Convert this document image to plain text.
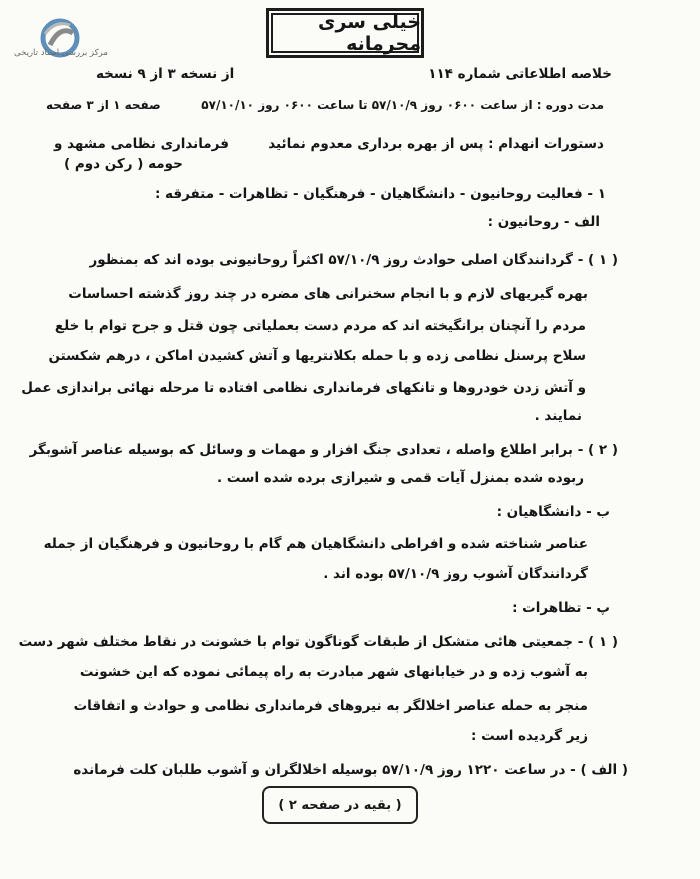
مرکز بررسی اسناد تاریخی
خیلی سری محرمانه
خلاصه اطلاعاتی شماره ۱۱۴
از نسخه ۳ از ۹ نسخه
مدت دوره : از ساعت ۰۶۰۰ روز ۵۷/۱۰/۹ تا ساعت ۰۶۰۰ روز ۵۷/۱۰/۱۰
صفحه ۱ از ۳ صفحه
دستورات انهدام : پس از بهره برداری معدوم نمائید
فرمانداری نظامی مشهد و
حومه ( رکن دوم )
۱ - فعالیت روحانیون - دانشگاهیان - فرهنگیان - تظاهرات - متفرقه :
الف - روحانیون :
( ۱ ) - گردانندگان اصلی حوادث روز ۵۷/۱۰/۹ اکثراً روحانیونی بوده اند که بمنظور
بهره گیریهای لازم و با انجام سخنرانی های مضره در چند روز گذشته احساسات
مردم را آنچنان برانگیخته اند که مردم دست بعملیاتی چون قتل و جرح توام با خلع
سلاح پرسنل نظامی زده و با حمله بکلانتریها و آتش کشیدن اماکن ، درهم شکستن
و آتش زدن خودروها و تانکهای فرمانداری نظامی افتاده تا مرحله نهائی براندازی عمل
نمایند .
( ۲ ) - برابر اطلاع واصله ، تعدادی جنگ افزار و مهمات و وسائل که بوسیله عناصر آشوبگر
ربوده شده بمنزل آیات قمی و شیرازی برده شده است .
ب - دانشگاهیان :
عناصر شناخته شده و افراطی دانشگاهیان هم گام با روحانیون و فرهنگیان از جمله
گردانندگان آشوب روز ۵۷/۱۰/۹ بوده اند .
پ - تظاهرات :
( ۱ ) - جمعیتی هائی متشکل از طبقات گوناگون توام با خشونت در نقاط مختلف شهر دست
به آشوب زده و در خیابانهای شهر مبادرت به راه پیمائی نموده که این خشونت
منجر به حمله عناصر اخلالگر به نیروهای فرمانداری نظامی و حوادث و اتفاقات
زیر گردیده است :
( الف ) - در ساعت ۱۲۲۰ روز ۵۷/۱۰/۹ بوسیله اخلالگران و آشوب طلبان کلت فرمانده
( بقیه در صفحه ۲ )
